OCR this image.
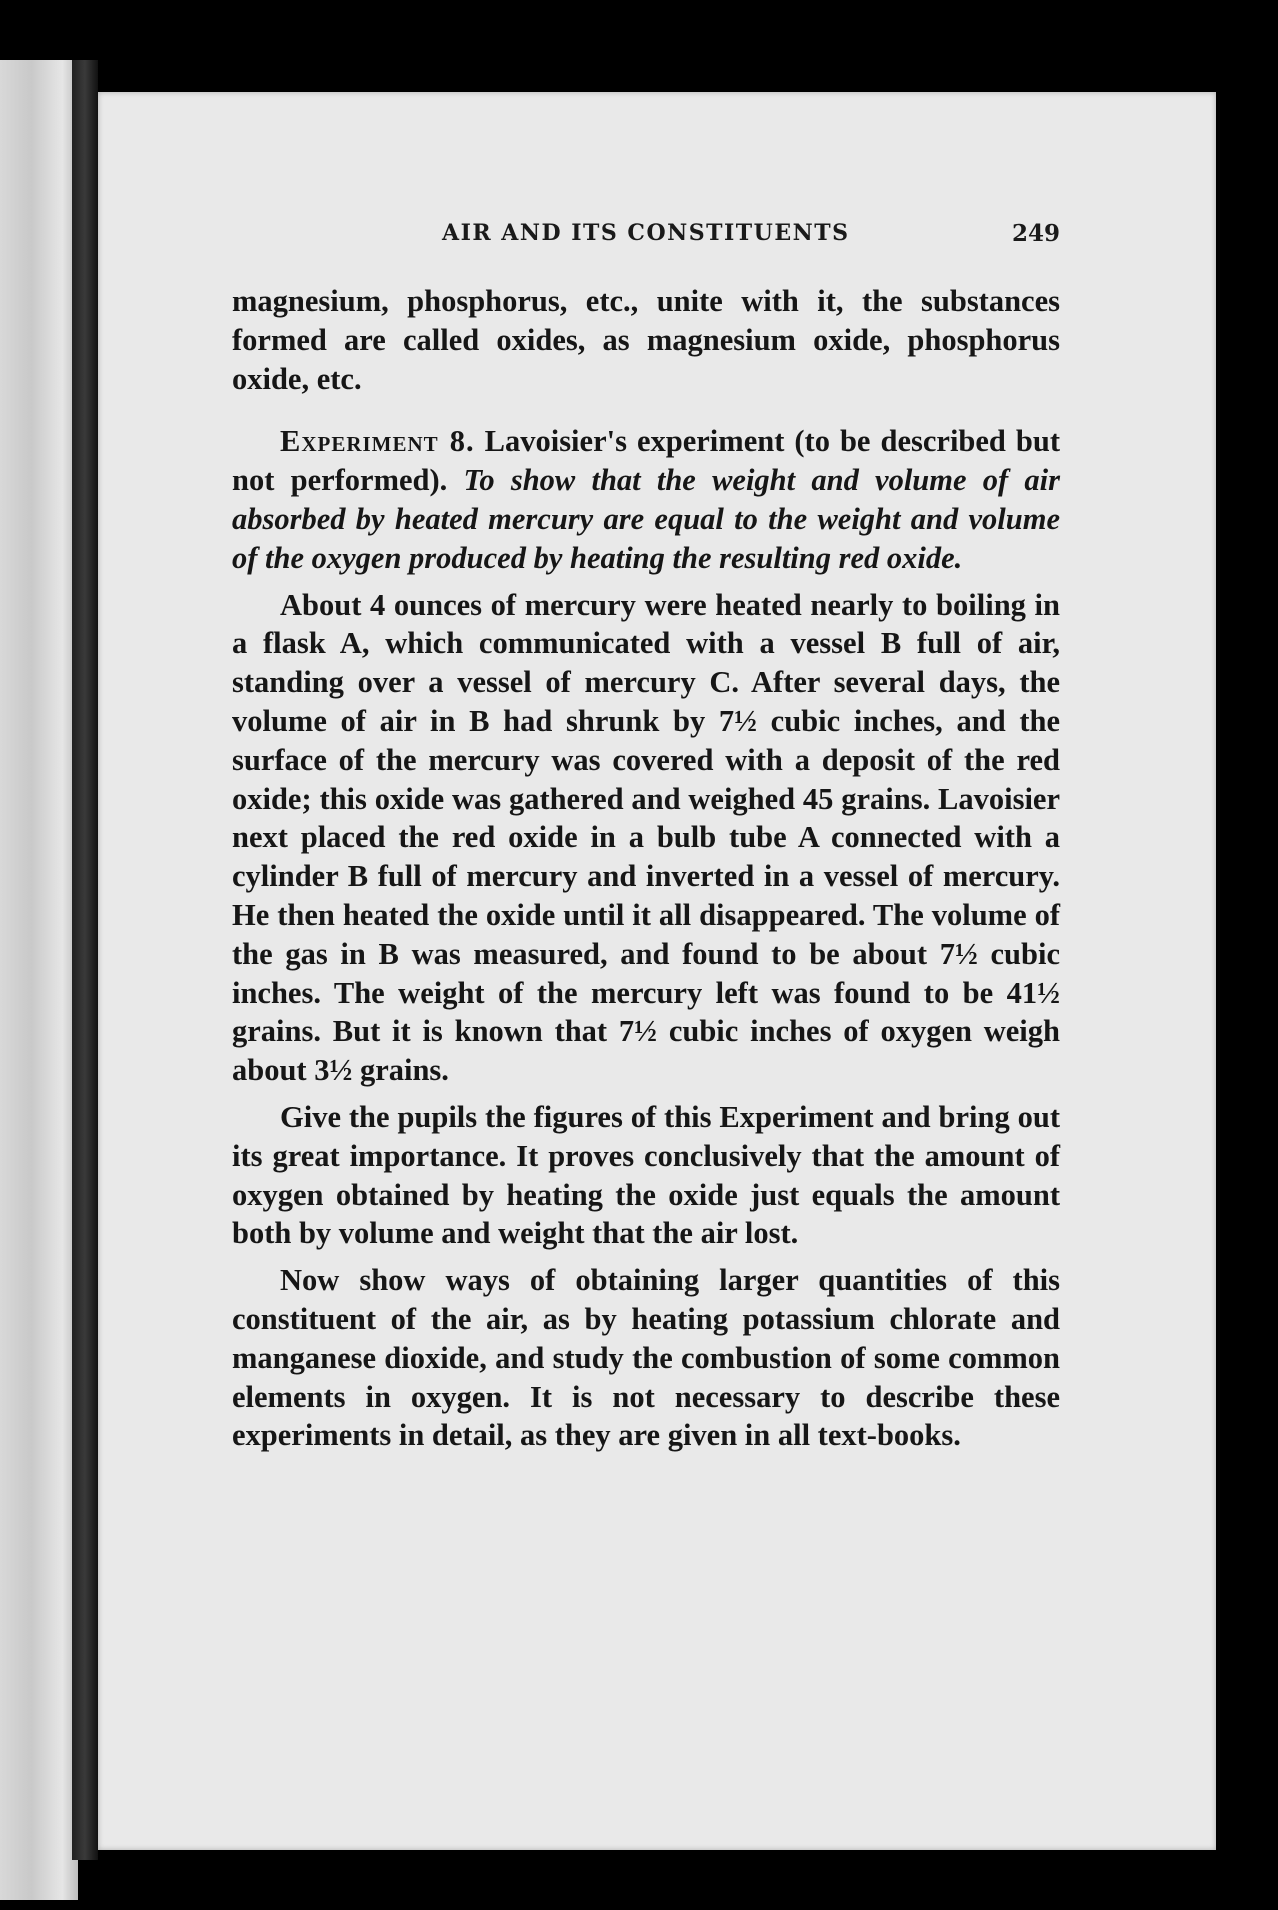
AIR AND ITS CONSTITUENTS	249

magnesium, phosphorus, etc., unite with it, the substances formed are called oxides, as magnesium oxide, phosphorus oxide, etc.

Experiment 8. Lavoisier's experiment (to be described but not performed). To show that the weight and volume of air absorbed by heated mercury are equal to the weight and volume of the oxygen produced by heating the resulting red oxide.

About 4 ounces of mercury were heated nearly to boiling in a flask A, which communicated with a vessel B full of air, standing over a vessel of mercury C. After several days, the volume of air in B had shrunk by 7½ cubic inches, and the surface of the mercury was covered with a deposit of the red oxide; this oxide was gathered and weighed 45 grains. Lavoisier next placed the red oxide in a bulb tube A connected with a cylinder B full of mercury and inverted in a vessel of mercury. He then heated the oxide until it all disappeared. The volume of the gas in B was measured, and found to be about 7½ cubic inches. The weight of the mercury left was found to be 41½ grains. But it is known that 7½ cubic inches of oxygen weigh about 3½ grains.

Give the pupils the figures of this Experiment and bring out its great importance. It proves conclusively that the amount of oxygen obtained by heating the oxide just equals the amount both by volume and weight that the air lost.

Now show ways of obtaining larger quantities of this constituent of the air, as by heating potassium chlorate and manganese dioxide, and study the combustion of some common elements in oxygen. It is not necessary to describe these experiments in detail, as they are given in all text-books.
